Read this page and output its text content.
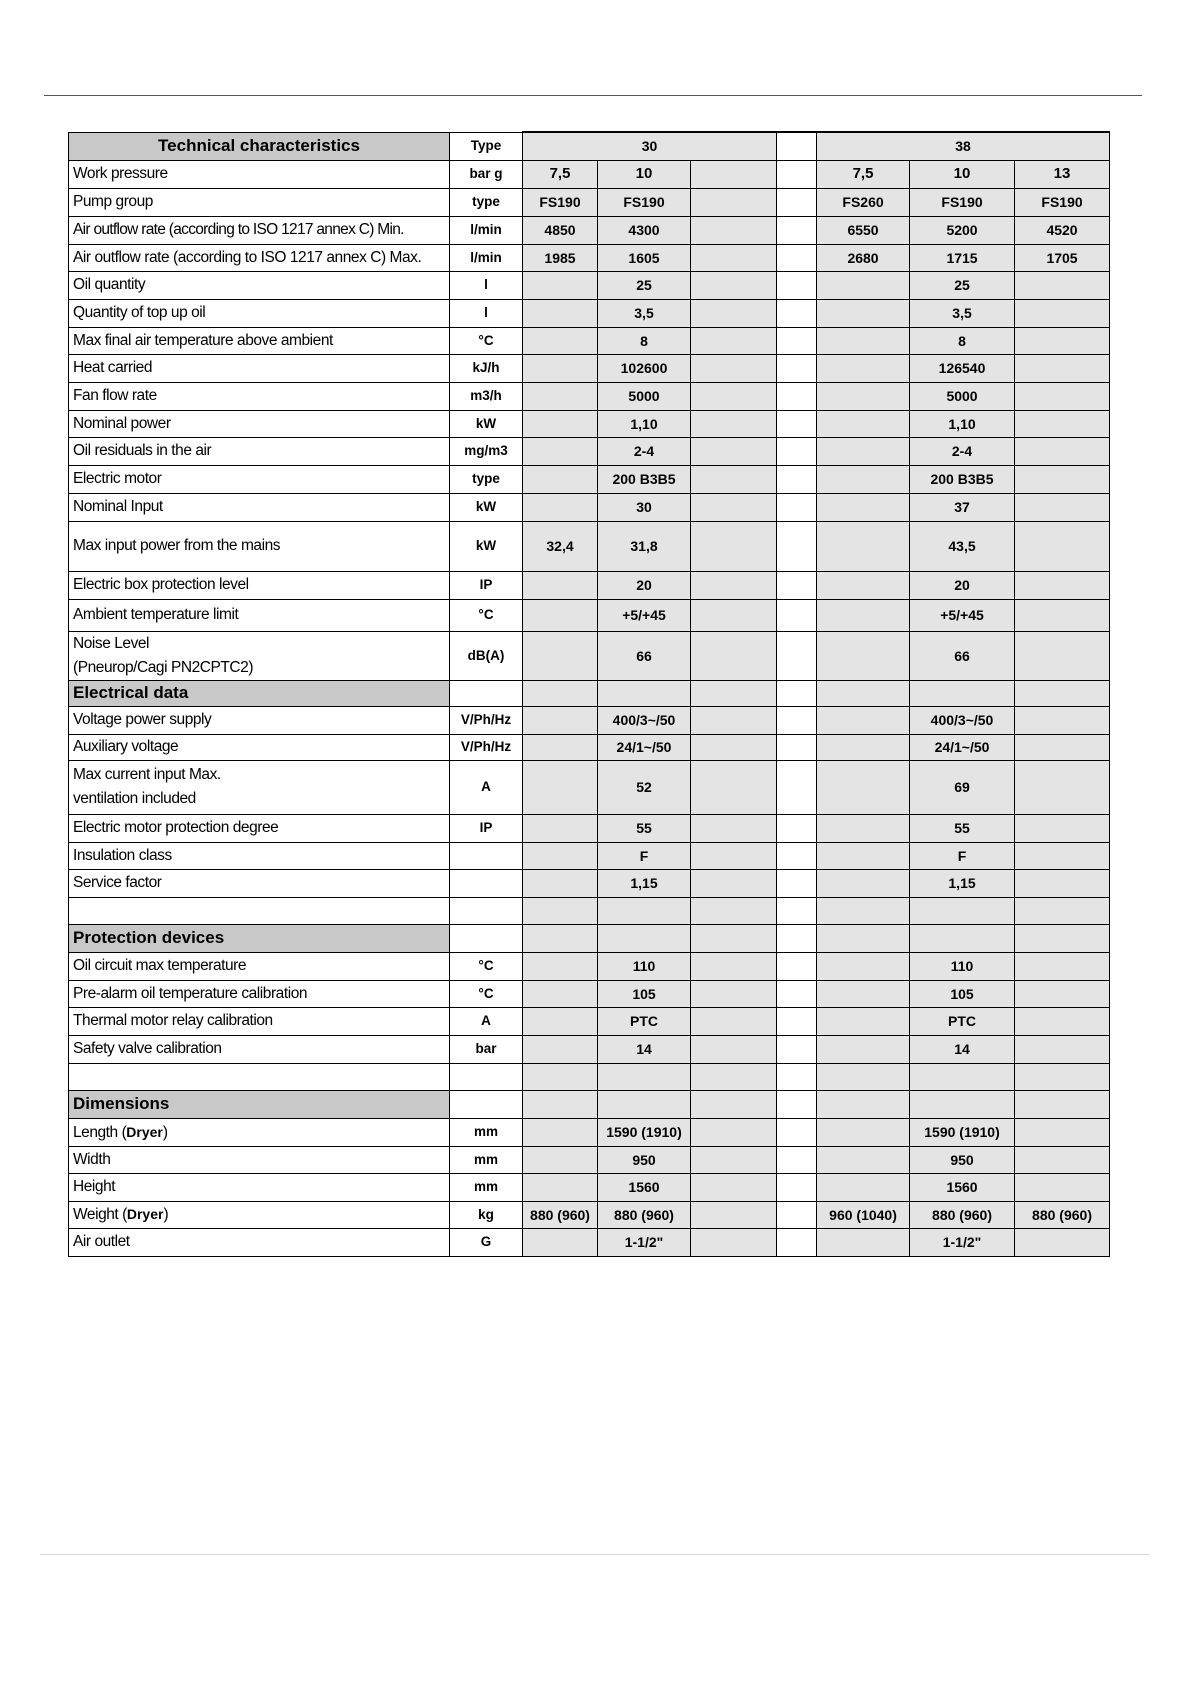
Technical characteristics	Type	30				38		
Work pressure	bar g	7,5	10			7,5	10	13
Pump group	type	FS190	FS190			FS260	FS190	FS190
Air outflow rate (according to ISO 1217 annex C) Min.	l/min	4850	4300			6550	5200	4520
Air outflow rate (according to ISO 1217 annex C) Max.	l/min	1985	1605			2680	1715	1705
Oil quantity	l		25				25	
Quantity of top up oil	l		3,5				3,5	
Max final air temperature above ambient	°C		8				8	
Heat carried	kJ/h		102600				126540	
Fan flow rate	m3/h		5000				5000	
Nominal power	kW		1,10				1,10	
Oil residuals in the air	mg/m3		2-4				2-4	
Electric motor	type		200 B3B5				200 B3B5	
Nominal Input	kW		30				37	
Max input power from the mains	kW	32,4	31,8				43,5	
Electric box protection level	IP		20				20	
Ambient temperature limit	°C		+5/+45				+5/+45	
Noise Level
(Pneurop/Cagi PN2CPTC2)	dB(A)		66				66	
Electrical data								
Voltage power supply	V/Ph/Hz		400/3~/50				400/3~/50	
Auxiliary voltage	V/Ph/Hz		24/1~/50				24/1~/50	
Max current input Max.
ventilation included	A		52				69	
Electric motor protection degree	IP		55				55	
Insulation class			F				F	
Service factor			1,15				1,15	

Protection devices								
Oil circuit max temperature	°C		110				110	
Pre-alarm oil temperature calibration	°C		105				105	
Thermal motor relay calibration	A		PTC				PTC	
Safety valve calibration	bar		14				14	

Dimensions								
Length (Dryer)	mm		1590 (1910)				1590 (1910)	
Width	mm		950				950	
Height	mm		1560				1560	
Weight (Dryer)	kg	880 (960)	880 (960)			960 (1040)	880 (960)	880 (960)
Air outlet	G		1-1/2"				1-1/2"	
